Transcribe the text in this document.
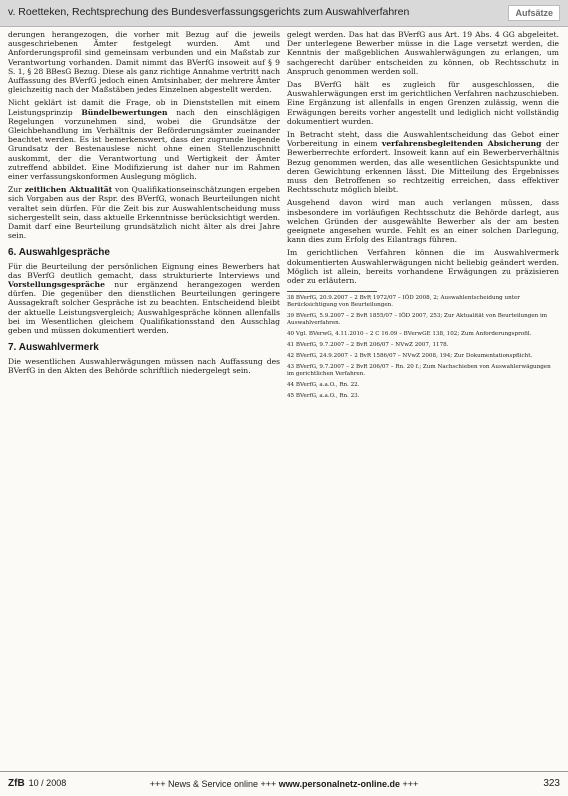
v. Roetteken, Rechtsprechung des Bundesverfassungsgerichts zum Auswahlverfahren	Aufsätze

derungen herangezogen, die vorher mit Bezug auf die jeweils ausgeschriebenen Ämter festgelegt wurden. Amt und Anforderungsprofil sind gemeinsam verbunden und ein Maßstab zur Verantwortung vorhanden. Damit nimmt das BVerfG insoweit auf § 9 S. 1, § 28 BBesG Bezug. Diese als ganz richtige Annahme vertritt nach Auffassung des BVerfG jedoch einen Amtsinhaber, der mehrere Ämter gleichzeitig nach der Maßstäben jedes Einzelnen abgestellt werden.

Nicht geklärt ist damit die Frage, ob in Dienststellen mit einem Leistungsprinzip Bündelbewertungen nach den einschlägigen Regelungen vorzunehmen sind, wobei die Grundsätze der Gleichbehandlung im Verhältnis der Beförderungsämter zueinander beachtet werden. Es ist bemerkenswert, dass der zugrunde liegende Grundsatz der Bestenauslese nicht ohne einen Stellenzuschnitt auskommt, der die Verantwortung und Wertigkeit der Ämter zutreffend abbildet. Eine Modifizierung ist daher nur im Rahmen einer verfassungskonformen Auslegung möglich.

Zur zeitlichen Aktualität von Qualifikationseinschätzungen ergeben sich Vorgaben aus der Rspr. des BVerfG, wonach Beurteilungen nicht veraltet sein dürfen. Für die Zeit bis zur Auswahlentscheidung muss sichergestellt sein, dass aktuelle Erkenntnisse berücksichtigt werden. Damit darf eine Beurteilung grundsätzlich nicht älter als drei Jahre sein.

6. Auswahlgespräche

Für die Beurteilung der persönlichen Eignung eines Bewerbers hat das BVerfG deutlich gemacht, dass strukturierte Interviews und Vorstellungsgespräche nur ergänzend herangezogen werden dürfen. Die gegenüber den dienstlichen Beurteilungen geringere Aussagekraft solcher Gespräche ist zu beachten. Entscheidend bleibt der aktuelle Leistungsvergleich; Auswahlgespräche können allenfalls bei im Wesentlichen gleichem Qualifikationsstand den Ausschlag geben und müssen dokumentiert werden.

7. Auswahlvermerk

Die wesentlichen Auswahlerwägungen müssen nach Auffassung des BVerfG in den Akten des Behörde schriftlich niedergelegt sein.

gelegt werden. Das hat das BVerfG aus Art. 19 Abs. 4 GG abgeleitet. Der unterlegene Bewerber müsse in die Lage versetzt werden, die Kenntnis der maßgeblichen Auswahlerwägungen zu erlangen, um sachgerecht darüber entscheiden zu können, ob Rechtsschutz in Anspruch genommen werden soll.

Das BVerfG hält es zugleich für ausgeschlossen, die Auswahlerwägungen erst im gerichtlichen Verfahren nachzuschieben. Eine Ergänzung ist allenfalls in engen Grenzen zulässig, wenn die Erwägungen bereits vorher angestellt und lediglich nicht vollständig dokumentiert wurden.

In Betracht steht, dass die Auswahlentscheidung das Gebot einer Vorbereitung in einem verfahrensbegleitenden Absicherung der Bewerberrechte erfordert. Insoweit kann auf ein Bewerberverhältnis Bezug genommen werden, das alle wesentlichen Gesichtspunkte und deren Gewichtung erkennen lässt. Die Mitteilung des Ergebnisses muss den Betroffenen so rechtzeitig erreichen, dass effektiver Rechtsschutz möglich bleibt.

Ausgehend davon wird man auch verlangen müssen, dass insbesondere im vorläufigen Rechtsschutz die Behörde darlegt, aus welchen Gründen der ausgewählte Bewerber als der am besten geeignete angesehen wurde. Fehlt es an einer solchen Darlegung, kann dies zum Erfolg des Eilantrags führen.

Im gerichtlichen Verfahren können die im Auswahlvermerk dokumentierten Auswahlerwägungen nicht beliebig geändert werden. Möglich ist allein, bereits vorhandene Erwägungen zu präzisieren oder zu erläutern.

38 BVerfG, 20.9.2007 – 2 BvR 1972/07 – IÖD 2008, 2; Auswahlentscheidung unter Berücksichtigung von Beurteilungen.

39 BVerfG, 5.9.2007 – 2 BvR 1855/07 – IÖD 2007, 253; Zur Aktualität von Beurteilungen im Auswahlverfahren.

40 Vgl. BVerwG, 4.11.2010 – 2 C 16.09 – BVerwGE 138, 102; Zum Anforderungsprofil.

41 BVerfG, 9.7.2007 – 2 BvR 206/07 – NVwZ 2007, 1178.

42 BVerfG, 24.9.2007 – 2 BvR 1586/07 – NVwZ 2008, 194; Zur Dokumentationspflicht.

43 BVerfG, 9.7.2007 – 2 BvR 206/07 – Rn. 20 f.; Zum Nachschieben von Auswahlerwägungen im gerichtlichen Verfahren.

44 BVerfG, a.a.O., Rn. 22.

45 BVerfG, a.a.O., Rn. 23.

ZfB 10 / 2008	+++ News & Service online +++ www.personalnetz-online.de +++	323
